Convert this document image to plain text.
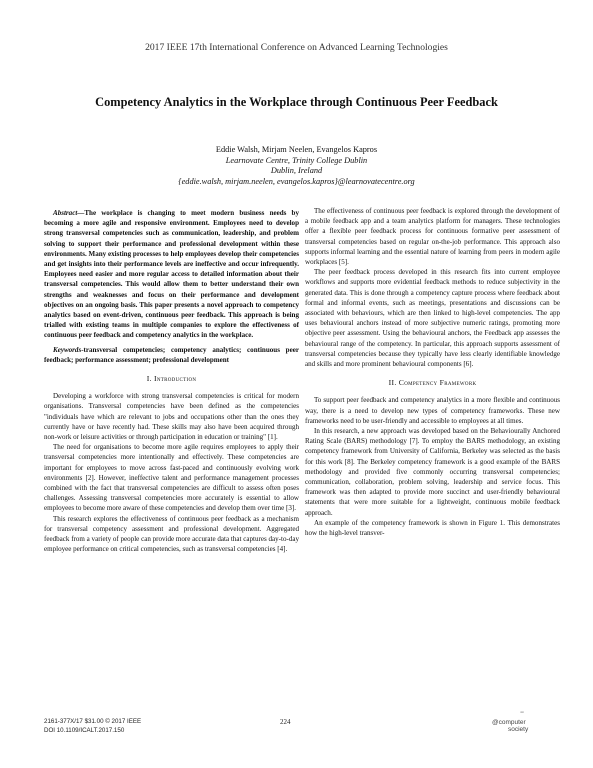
2017 IEEE 17th International Conference on Advanced Learning Technologies
Competency Analytics in the Workplace through Continuous Peer Feedback
Eddie Walsh, Mirjam Neelen, Evangelos Kapros
Learnovate Centre, Trinity College Dublin
Dublin, Ireland
{eddie.walsh, mirjam.neelen, evangelos.kapros}@learnovatecentre.org

Abstract—The workplace is changing to meet modern business needs by becoming a more agile and responsive environment. Employees need to develop strong transversal competencies such as communication, leadership, and problem solving to support their performance and professional development within these environments. Many existing processes to help employees develop their competencies and get insights into their performance levels are ineffective and occur infrequently. Employees need easier and more regular access to detailed information about their transversal competencies. This would allow them to better understand their own strengths and weaknesses and focus on their performance and development objectives on an ongoing basis. This paper presents a novel approach to competency analytics based on event-driven, continuous peer feedback. This approach is being trialled with existing teams in multiple companies to explore the effectiveness of continuous peer feedback and competency analytics in the workplace.

Keywords-transversal competencies; competency analytics; continuous peer feedback; performance assessment; professional development

I. Introduction

Developing a workforce with strong transversal competencies is critical for modern organisations. Transversal competencies have been defined as the competencies "individuals have which are relevant to jobs and occupations other than the ones they currently have or have recently had. These skills may also have been acquired through non-work or leisure activities or through participation in education or training" [1].

The need for organisations to become more agile requires employees to apply their transversal competencies more intentionally and effectively. These competencies are important for employees to move across fast-paced and continuously evolving work environments [2]. However, ineffective talent and performance management processes combined with the fact that transversal competencies are difficult to assess often poses challenges. Assessing transversal competencies more accurately is essential to allow employees to become more aware of these competencies and develop them over time [3].

This research explores the effectiveness of continuous peer feedback as a mechanism for transversal competency assessment and professional development. Aggregated feedback from a variety of people can provide more accurate data that captures day-to-day employee performance on critical competencies, such as transversal competencies [4].

The effectiveness of continuous peer feedback is explored through the development of a mobile feedback app and a team analytics platform for managers. These technologies offer a flexible peer feedback process for continuous formative peer assessment of transversal competencies based on regular on-the-job performance. This approach also supports informal learning and the essential nature of learning from peers in modern agile workplaces [5].

The peer feedback process developed in this research fits into current employee workflows and supports more evidential feedback methods to reduce subjectivity in the generated data. This is done through a competency capture process where feedback about formal and informal events, such as meetings, presentations and discussions can be associated with behaviours, which are then linked to high-level competencies. The app uses behavioural anchors instead of more subjective numeric ratings, promoting more objective peer assessment. Using the behavioural anchors, the Feedback app assesses the behavioural range of the competency. In particular, this approach supports assessment of transversal competencies because they typically have less clearly identifiable knowledge and skills and more prominent behavioural components [6].

II. Competency Framework

To support peer feedback and competency analytics in a more flexible and continuous way, there is a need to develop new types of competency frameworks. These new frameworks need to be user-friendly and accessible to employees at all times.

In this research, a new approach was developed based on the Behaviourally Anchored Rating Scale (BARS) methodology [7]. To employ the BARS methodology, an existing competency framework from University of California, Berkeley was selected as the basis for this work [8]. The Berkeley competency framework is a good example of the BARS methodology and provided five commonly occurring transversal competencies; communication, collaboration, problem solving, leadership and service focus. This framework was then adapted to provide more succinct and user-friendly behavioural statements that were more suitable for a lightweight, continuous mobile feedback approach.

An example of the competency framework is shown in Figure 1. This demonstrates how the high-level transver-

2161-377X/17 $31.00 © 2017 IEEE
DOI 10.1109/ICALT.2017.150
224
◦◦◦
@computer
society
